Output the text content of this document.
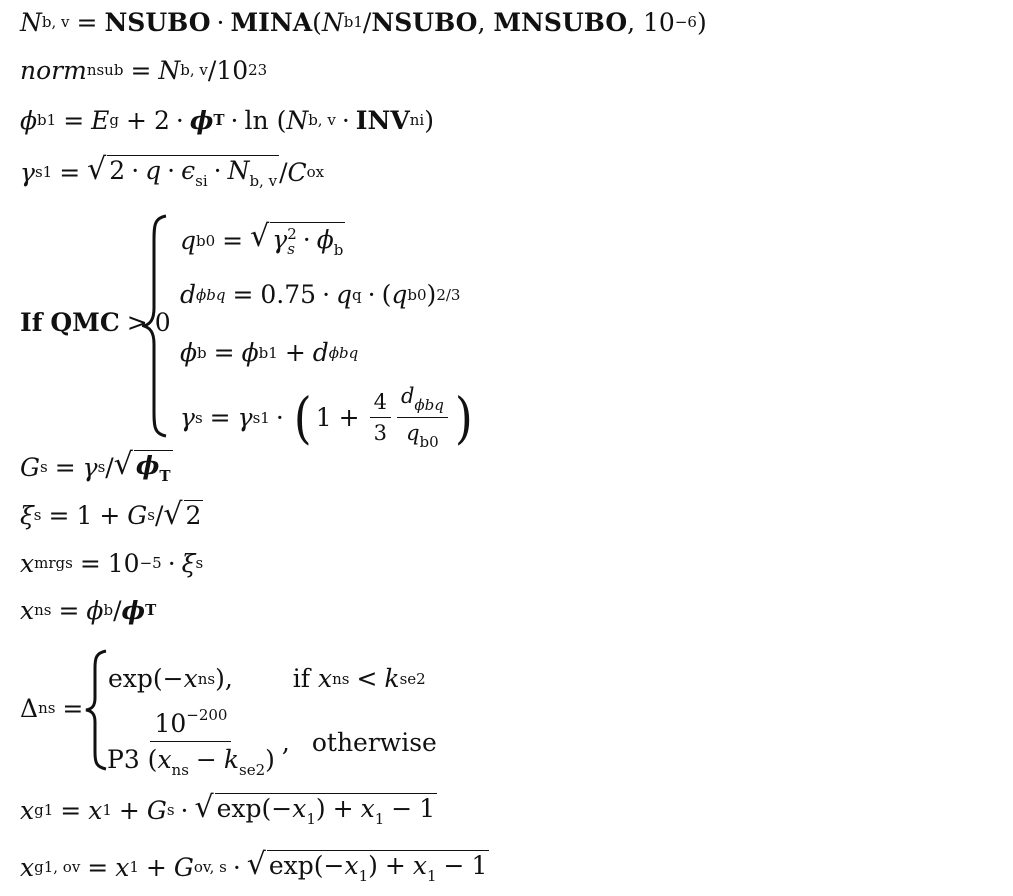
N b, v = NSUBO · MINA ( N b1 / NSUBO , MNSUBO , 10 −6 )
norm nsub = N b, v / 10 23
ϕ b1 = E g + 2 · ϕ T · ln
( N b, v · INV ni )
γ s1 = √ $2 \cdot q \cdot \epsilon_{si} \cdot N_{b, v} / C$ ox
If
QMC > 0
q b0 = √ γ 2
$s \cdot \phi_b$
d ϕbq = 0.75 · q q · ( q b0 ) 2/3
ϕ b = ϕ b1 + d ϕbq
γ s = γ s1 · ( $1 + \frac{4}{3} \frac{d_{\phi bq}}{q_{b0}}$ )
G s = γ s / √ $\phi_T$
ξ s = 1 + G s / √ 2
x mrgs = 10 −5 · ξ s
x ns = ϕ b / ϕ T
Δ ns =
exp(− x ns ), if
x ns < k se2
$\frac{10^{-200}}{P3 (x_{ns} - k_{se2})}$ , otherwise
x g1 = x 1 + G s · √ $\exp(-x_1) + x_1 - 1$
x g1, ov = x 1 + G ov, s · √ $\exp(-x_1) + x_1 - 1$
